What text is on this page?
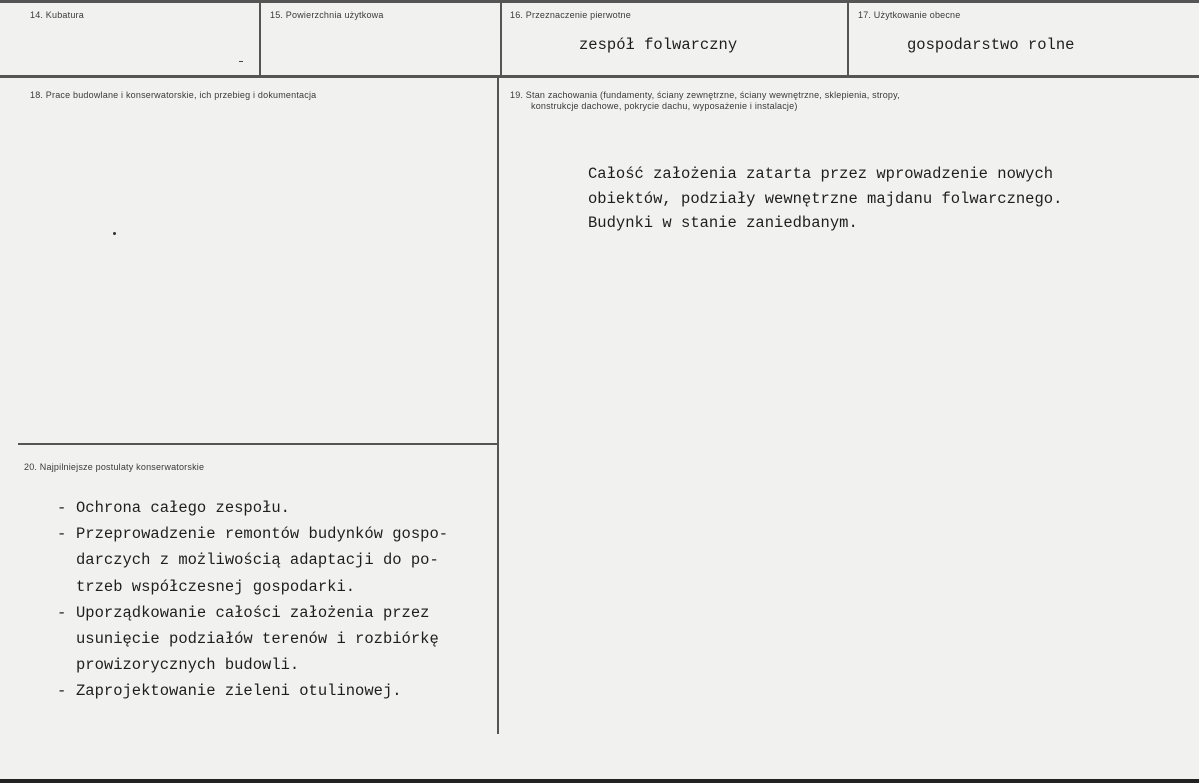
14. Kubatura	15. Powierzchnia użytkowa	16. Przeznaczenie pierwotne
zespół folwarczny
17. Użytkowanie obecne
gospodarstwo rolne
18. Prace budowlane i konserwatorskie, ich przebieg i dokumentacja	19. Stan zachowania (fundamenty, ściany zewnętrzne, ściany wewnętrzne, sklepienia, stropy,
konstrukcje dachowe, pokrycie dachu, wyposażenie i instalacje)
Całość założenia zatarta przez wprowadzenie nowych
obiektów, podziały wewnętrzne majdanu folwarcznego.
Budynki w stanie zaniedbanym.
20. Najpilniejsze postulaty konserwatorskie
- Ochrona całego zespołu.
- Przeprowadzenie remontów budynków gospo-
darczych z możliwością adaptacji do po-
trzeb współczesnej gospodarki.
- Uporządkowanie całości założenia przez
usunięcie podziałów terenów i rozbiórkę
prowizorycznych budowli.
- Zaprojektowanie zieleni otulinowej.
